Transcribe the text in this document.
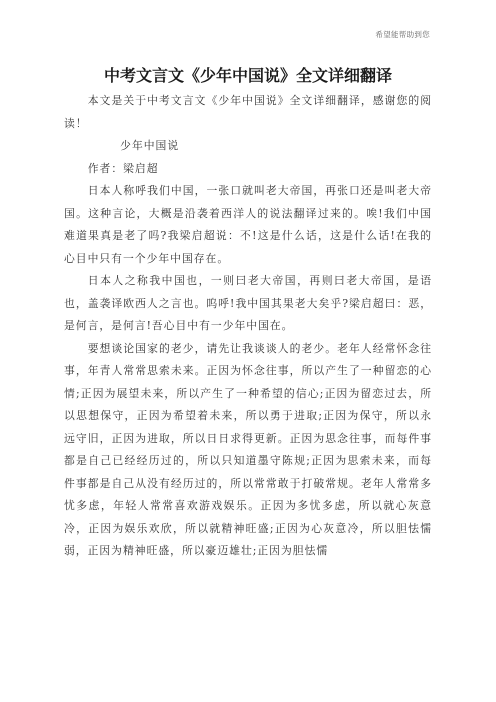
希望能帮助到您
中考文言文《少年中国说》全文详细翻译

本文是关于中考文言文《少年中国说》全文详细翻译，感谢您的阅读！

少年中国说

作者：梁启超

日本人称呼我们中国，一张口就叫老大帝国，再张口还是叫老大帝国。这种言论，大概是沿袭着西洋人的说法翻译过来的。唉!我们中国难道果真是老了吗?我梁启超说：不!这是什么话，这是什么话!在我的心目中只有一个少年中国存在。

日本人之称我中国也，一则曰老大帝国，再则曰老大帝国，是语也，盖袭译欧西人之言也。呜呼!我中国其果老大矣乎?梁启超曰：恶，是何言，是何言!吾心目中有一少年中国在。

要想谈论国家的老少，请先让我谈谈人的老少。老年人经常怀念往事，年青人常常思索未来。正因为怀念往事，所以产生了一种留恋的心情;正因为展望未来，所以产生了一种希望的信心;正因为留恋过去，所以思想保守，正因为希望着未来，所以勇于进取;正因为保守，所以永远守旧，正因为进取，所以日日求得更新。正因为思念往事，而每件事都是自己已经经历过的，所以只知道墨守陈规;正因为思索未来，而每件事都是自己从没有经历过的，所以常常敢于打破常规。老年人常常多忧多虑，年轻人常常喜欢游戏娱乐。正因为多忧多虑，所以就心灰意冷，正因为娱乐欢欣，所以就精神旺盛;正因为心灰意冷，所以胆怯懦弱，正因为精神旺盛，所以豪迈雄壮;正因为胆怯懦
